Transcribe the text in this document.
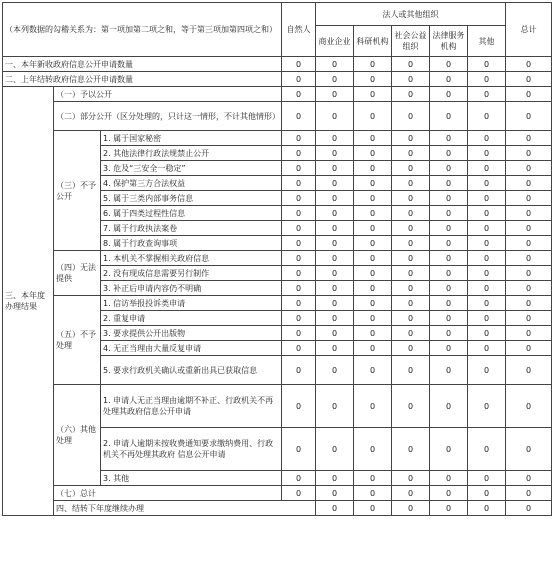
（本列数据的勾稽关系为：第一项加第二项之和，等于第三项加第四项之和）			自然人	法人或其他组织					总计	
				商业企业	科研机构	社会公益组织	法律服务机构	其他		
一、本年新收政府信息公开申请数量			0	0	0	0	0	0	0	
二、上年结转政府信息公开申请数量			0	0	0	0	0	0	0	
三、本年度办理结果	（一）予以公开		0	0	0	0	0	0	0	
	（二）部分公开（区分处理的，只计这一情形，不计其他情形）		0	0	0	0	0	0	0	
	（三）不予公开	1. 属于国家秘密	0	0	0	0	0	0	0	
		2. 其他法律行政法规禁止公开	0	0	0	0	0	0	0	
		3. 危及“三安全一稳定”	0	0	0	0	0	0	0	
		4. 保护第三方合法权益	0	0	0	0	0	0	0	
		5. 属于三类内部事务信息	0	0	0	0	0	0	0	
		6. 属于四类过程性信息	0	0	0	0	0	0	0	
		7. 属于行政执法案卷	0	0	0	0	0	0	0	
		8. 属于行政查询事项	0	0	0	0	0	0	0	
	（四）无法提供	1. 本机关不掌握相关政府信息	0	0	0	0	0	0	0	
		2. 没有现成信息需要另行制作	0	0	0	0	0	0	0	
		3. 补正后申请内容仍不明确	0	0	0	0	0	0	0	
	（五）不予处理	1. 信访举报投诉类申请	0	0	0	0	0	0	0	
		2. 重复申请	0	0	0	0	0	0	0	
		3. 要求提供公开出版物	0	0	0	0	0	0	0	
		4. 无正当理由大量反复申请	0	0	0	0	0	0	0	
		5. 要求行政机关确认或重新出具已获取信息	0	0	0	0	0	0	0	
	（六）其他处理	1. 申请人无正当理由逾期不补正、行政机关不再处理其政府信息公开申请	0	0	0	0	0	0	0	
		2. 申请人逾期未按收费通知要求缴纳费用、行政机关不再处理其政府 信息公开申请	0	0	0	0	0	0	0	
		3. 其他	0	0	0	0	0	0	0	
	（七）总计		0	0	0	0	0	0	0	
	四、结转下年度继续办理			0	0	0	0	0	0	
